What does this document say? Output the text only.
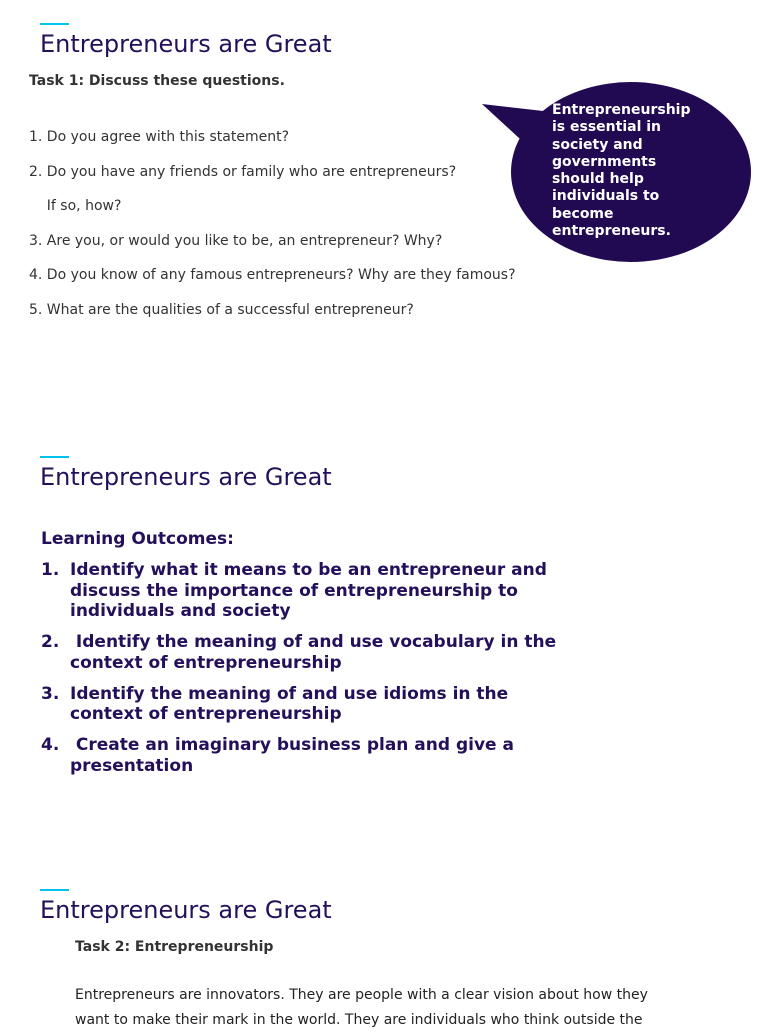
Entrepreneurs are Great

Task 1: Discuss these questions.

1. Do you agree with this statement?
2. Do you have any friends or family who are entrepreneurs?
If so, how?
3. Are you, or would you like to be, an entrepreneur? Why?
4. Do you know of any famous entrepreneurs? Why are they famous?
5. What are the qualities of a successful entrepreneur?
Entrepreneurship is essential in society and governments should help individuals to become entrepreneurs.
Entrepreneurs are Great

Learning Outcomes:

1. Identify what it means to be an entrepreneur and discuss the importance of entrepreneurship to individuals and society
2. Identify the meaning of and use vocabulary in the context of entrepreneurship
3. Identify the meaning of and use idioms in the context of entrepreneurship
4. Create an imaginary business plan and give a presentation
Entrepreneurs are Great

Task 2: Entrepreneurship

Entrepreneurs are innovators. They are people with a clear vision about how they want to make their mark in the world. They are individuals who think outside the
